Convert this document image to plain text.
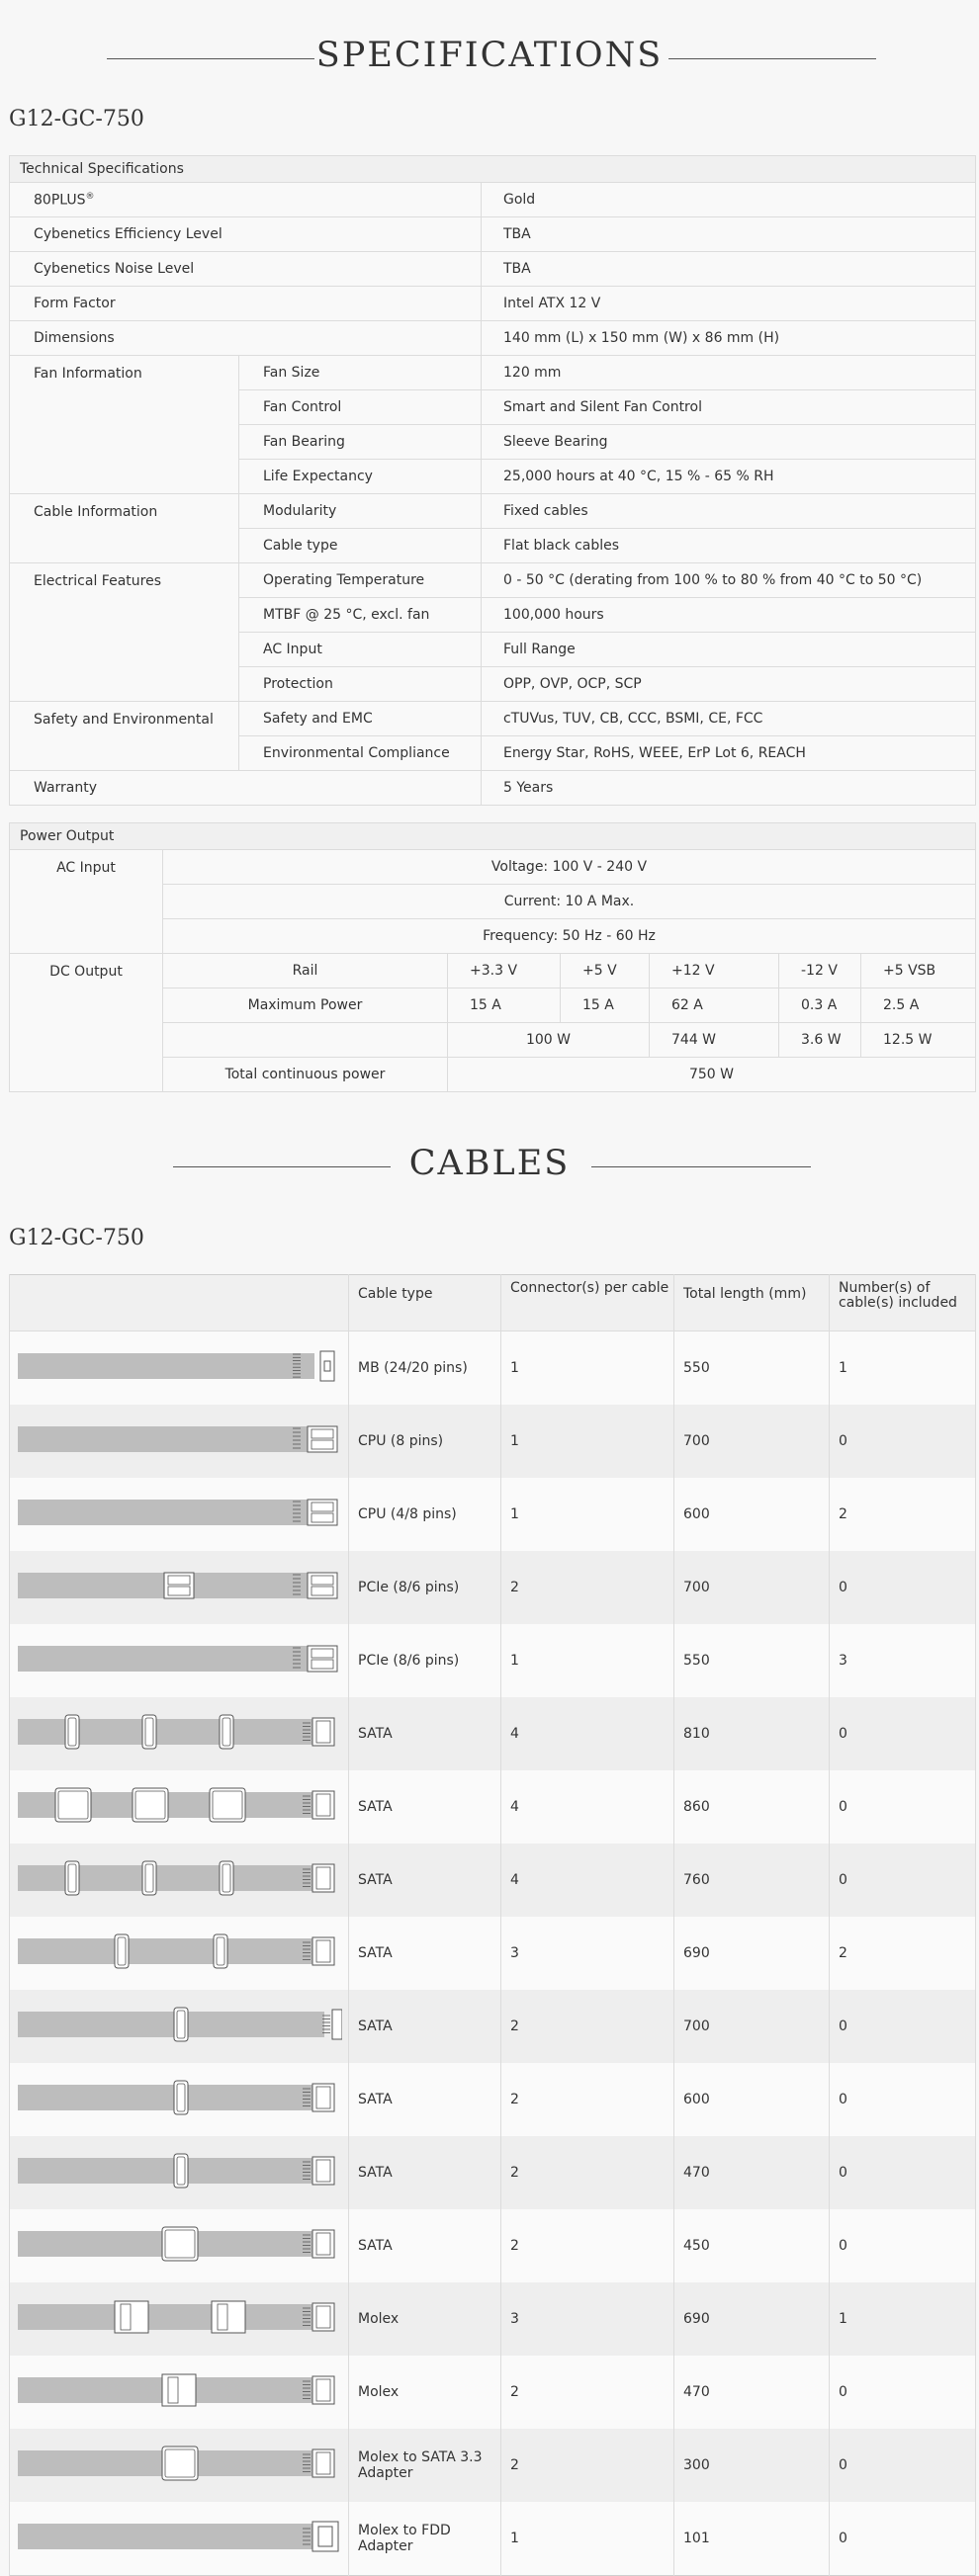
SPECIFICATIONS
G12-GC-750
Technical Specifications		
80PLUS®		Gold
Cybenetics Efficiency Level		TBA
Cybenetics Noise Level		TBA
Form Factor		Intel ATX 12 V
Dimensions		140 mm (L) x 150 mm (W) x 86 mm (H)
Fan Information	Fan Size	120 mm
	Fan Control	Smart and Silent Fan Control
	Fan Bearing	Sleeve Bearing
	Life Expectancy	25,000 hours at 40 °C, 15 % - 65 % RH
Cable Information	Modularity	Fixed cables
	Cable type	Flat black cables
Electrical Features	Operating Temperature	0 - 50 °C (derating from 100 % to 80 % from 40 °C to 50 °C)
	MTBF @ 25 °C, excl. fan	100,000 hours
	AC Input	Full Range
	Protection	OPP, OVP, OCP, SCP
Safety and Environmental	Safety and EMC	cTUVus, TUV, CB, CCC, BSMI, CE, FCC
	Environmental Compliance	Energy Star, RoHS, WEEE, ErP Lot 6, REACH
Warranty		5 Years
Power Output						
AC Input	Voltage: 100 V - 240 V					
	Current: 10 A Max.					
	Frequency: 50 Hz - 60 Hz					
DC Output	Rail	+3.3 V	+5 V	+12 V	-12 V	+5 VSB
	Maximum Power	15 A	15 A	62 A	0.3 A	2.5 A
		100 W		744 W	3.6 W	12.5 W
	Total continuous power	750 W				
CABLES
G12-GC-750
	Cable type	Connector(s) per cable	Total length (mm)	Number(s) of cable(s) included
	MB (24/20 pins)	1	550	1
	CPU (8 pins)	1	700	0
	CPU (4/8 pins)	1	600	2
	PCIe (8/6 pins)	2	700	0
	PCIe (8/6 pins)	1	550	3
	SATA	4	810	0
	SATA	4	860	0
	SATA	4	760	0
	SATA	3	690	2
	SATA	2	700	0
	SATA	2	600	0
	SATA	2	470	0
	SATA	2	450	0
	Molex	3	690	1
	Molex	2	470	0
	Molex to SATA 3.3 Adapter	2	300	0
	Molex to FDD Adapter	1	101	0
